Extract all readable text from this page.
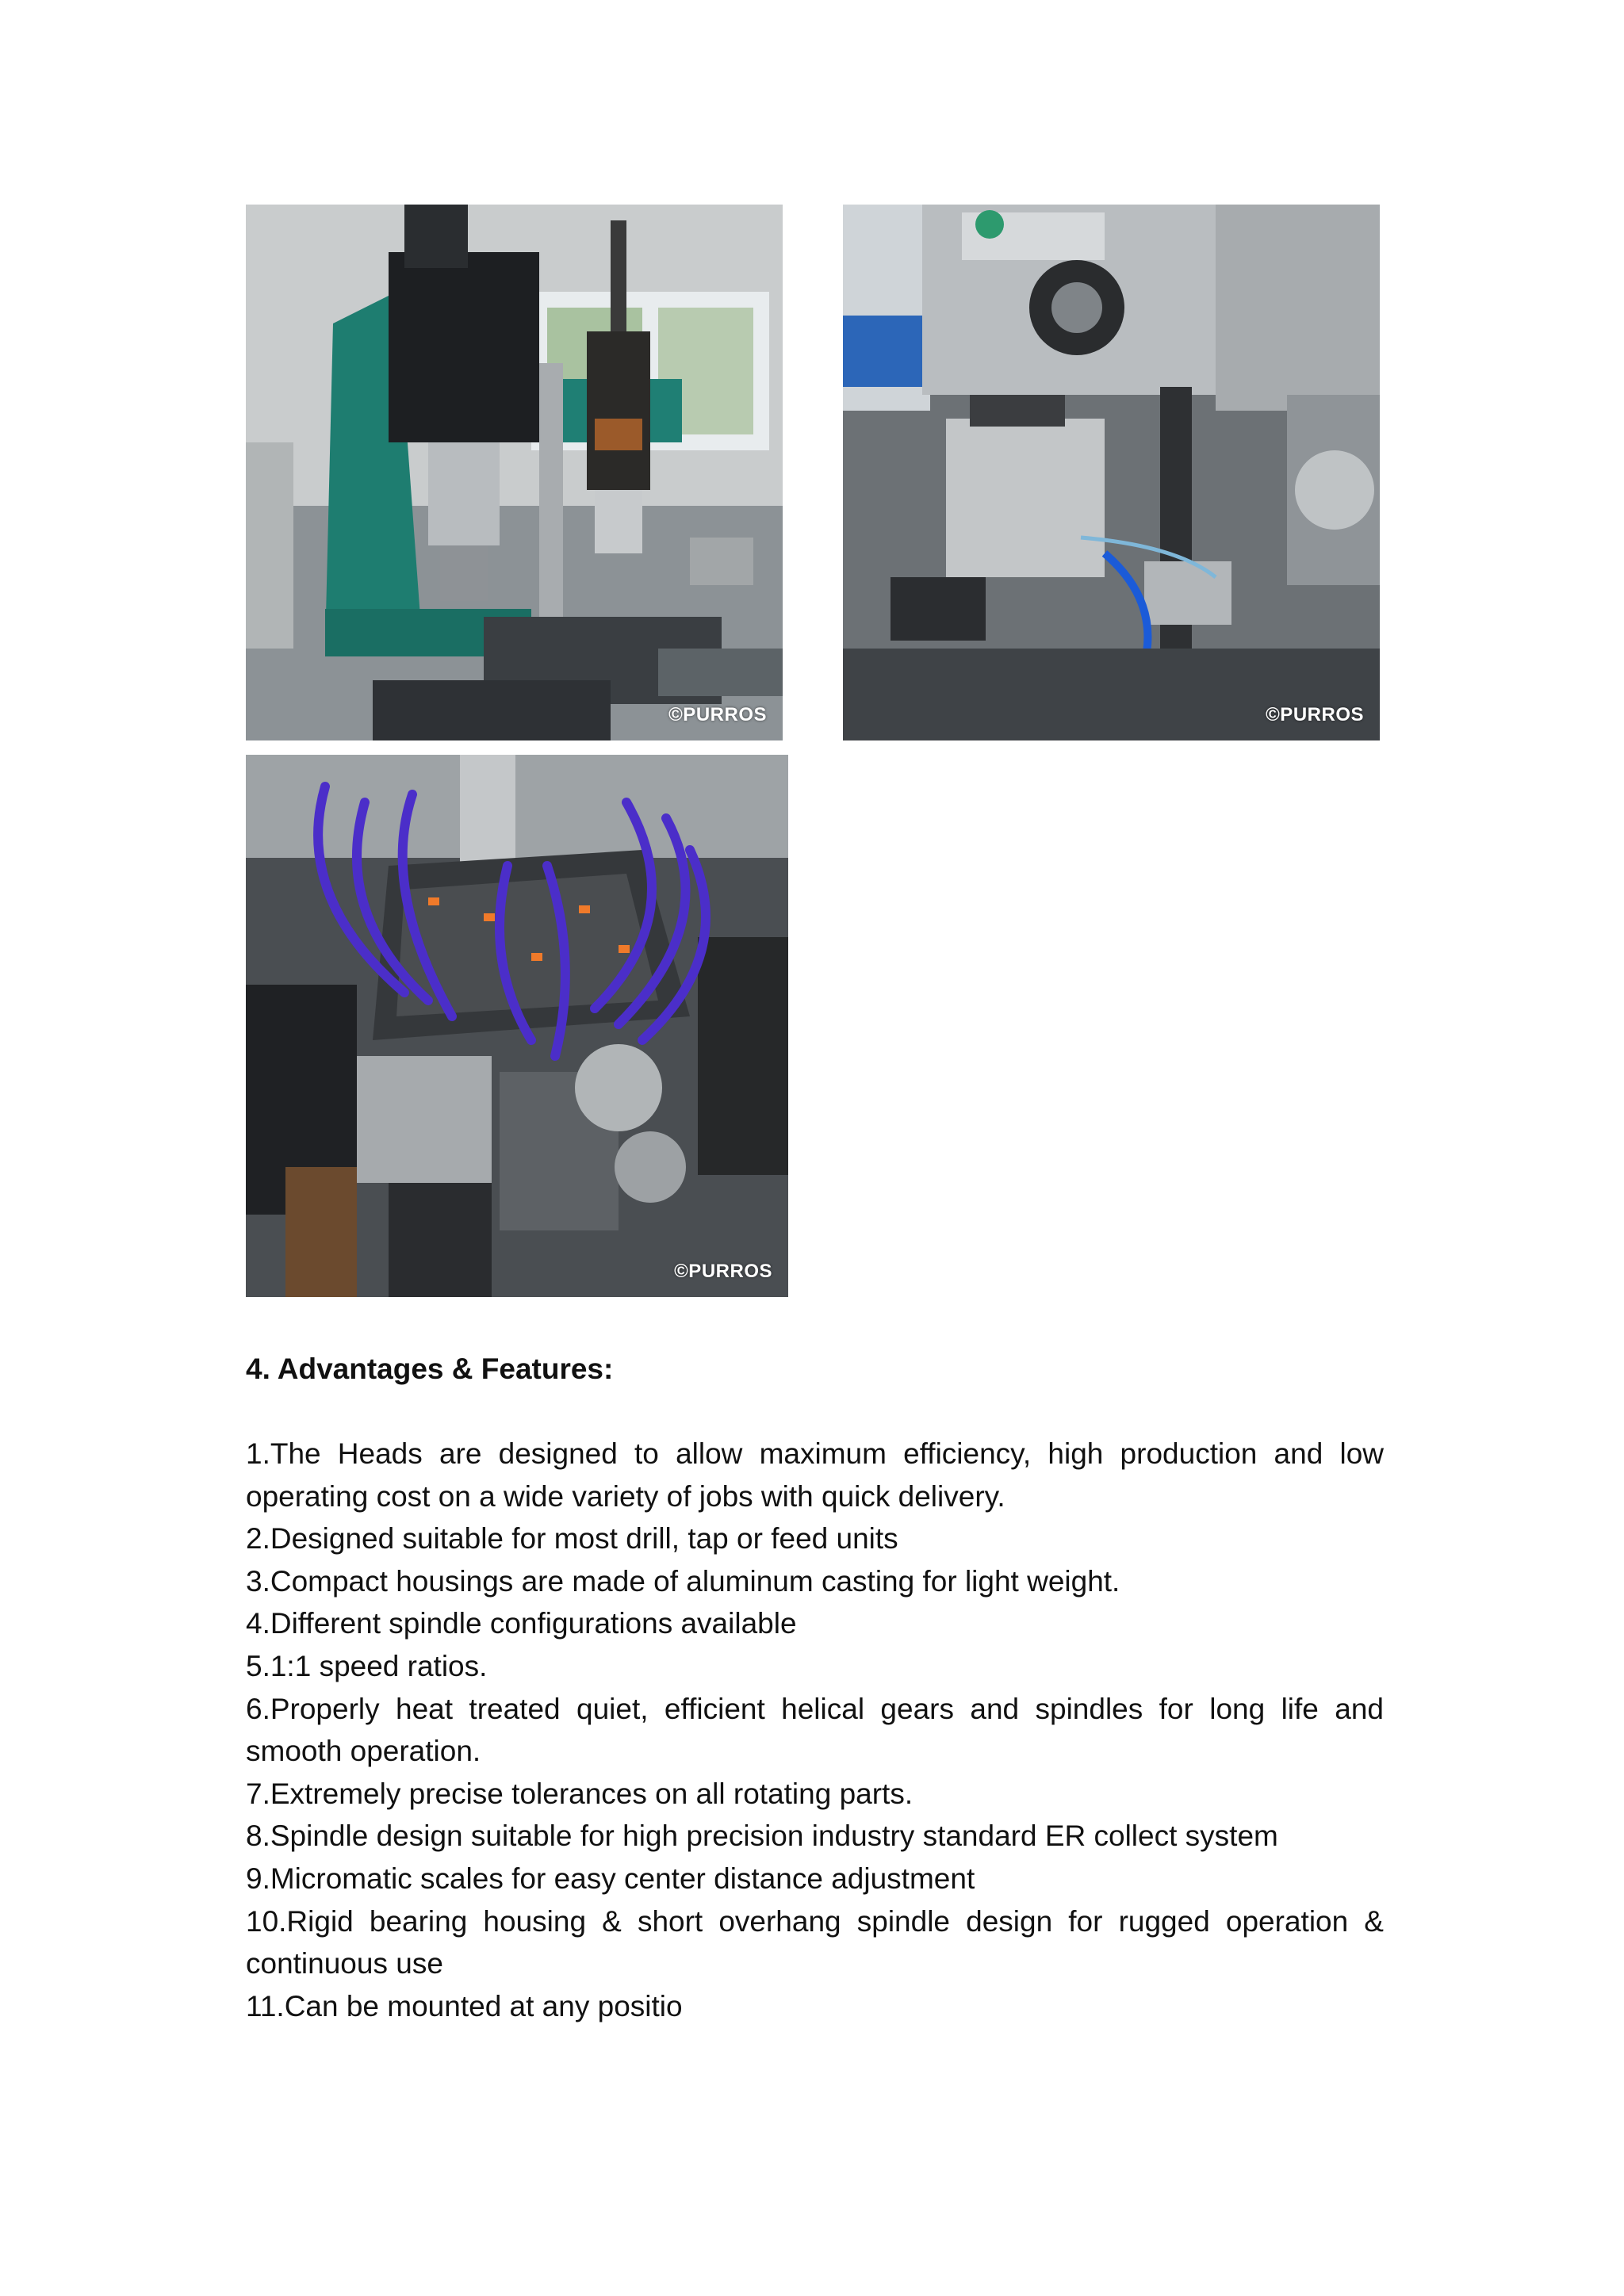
©PURROS	©PURROS
©PURROS
4. Advantages & Features:
1.The Heads are designed to allow maximum efficiency, high production and low operating cost on a wide variety of jobs with quick delivery.
2.Designed suitable for most drill, tap or feed units
3.Compact housings are made of aluminum casting for light weight.
4.Different spindle configurations available
5.1:1 speed ratios.
6.Properly heat treated quiet, efficient helical gears and spindles for long life and smooth operation.
7.Extremely precise tolerances on all rotating parts.
8.Spindle design suitable for high precision industry standard ER collect system
9.Micromatic scales for easy center distance adjustment
10.Rigid bearing housing & short overhang spindle design for rugged operation & continuous use
11.Can be mounted at any positio
